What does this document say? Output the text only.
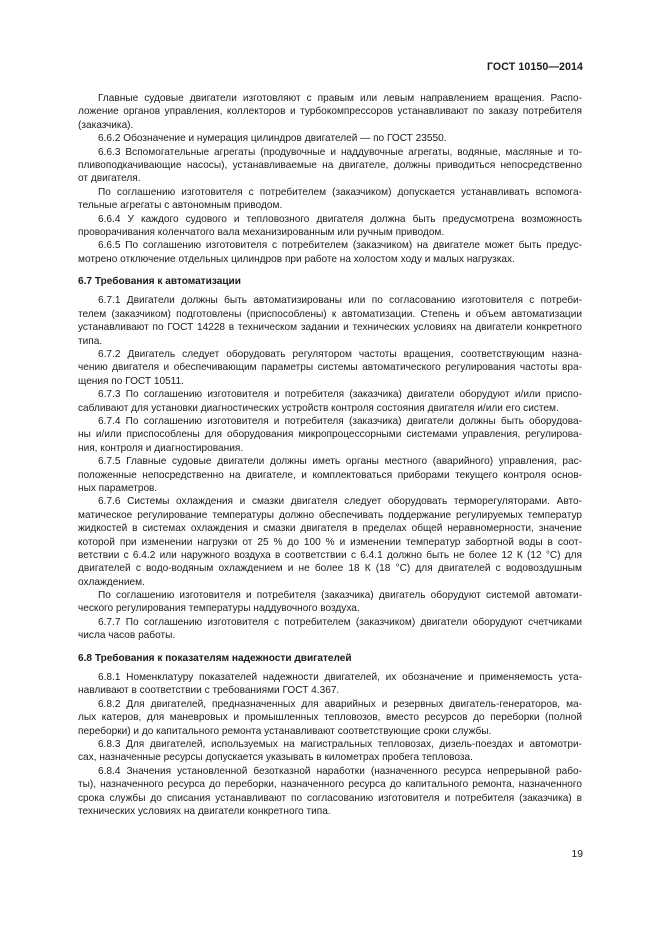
ГОСТ 10150—2014
Главные судовые двигатели изготовляют с правым или левым направлением вращения. Распо-
ложение органов управления, коллекторов и турбокомпрессоров устанавливают по заказу потребителя
(заказчика).
6.6.2 Обозначение и нумерация цилиндров двигателей — по ГОСТ 23550.
6.6.3 Вспомогательные агрегаты (продувочные и наддувочные агрегаты, водяные, масляные и то-
пливоподкачивающие насосы), устанавливаемые на двигателе, должны приводиться непосредственно
от двигателя.
По соглашению изготовителя с потребителем (заказчиком) допускается устанавливать вспомога-
тельные агрегаты с автономным приводом.
6.6.4 У каждого судового и тепловозного двигателя должна быть предусмотрена возможность
проворачивания коленчатого вала механизированным или ручным приводом.
6.6.5 По соглашению изготовителя с потребителем (заказчиком) на двигателе может быть предус-
мотрено отключение отдельных цилиндров при работе на холостом ходу и малых нагрузках.
6.7 Требования к автоматизации
6.7.1 Двигатели должны быть автоматизированы или по согласованию изготовителя с потреби-
телем (заказчиком) подготовлены (приспособлены) к автоматизации. Степень и объем автоматизации
устанавливают по ГОСТ 14228 в техническом задании и технических условиях на двигатели конкретного
типа.
6.7.2 Двигатель следует оборудовать регулятором частоты вращения, соответствующим назна-
чению двигателя и обеспечивающим параметры системы автоматического регулирования частоты вра-
щения по ГОСТ 10511.
6.7.3 По соглашению изготовителя и потребителя (заказчика) двигатели оборудуют и/или приспо-
сабливают для установки диагностических устройств контроля состояния двигателя и/или его систем.
6.7.4 По соглашению изготовителя и потребителя (заказчика) двигатели должны быть оборудова-
ны и/или приспособлены для оборудования микропроцессорными системами управления, регулирова-
ния, контроля и диагностирования.
6.7.5 Главные судовые двигатели должны иметь органы местного (аварийного) управления, рас-
положенные непосредственно на двигателе, и комплектоваться приборами текущего контроля основ-
ных параметров.
6.7.6 Системы охлаждения и смазки двигателя следует оборудовать терморегуляторами. Авто-
матическое регулирование температуры должно обеспечивать поддержание регулируемых температур
жидкостей в системах охлаждения и смазки двигателя в пределах общей неравномерности, значение
которой при изменении нагрузки от 25 % до 100 % и изменении температур забортной воды в соот-
ветствии с 6.4.2 или наружного воздуха в соответствии с 6.4.1 должно быть не более 12 К (12 °С) для
двигателей с водо-водяным охлаждением и не более 18 К (18 °С) для двигателей с водовоздушным
охлаждением.
По соглашению изготовителя и потребителя (заказчика) двигатель оборудуют системой автомати-
ческого регулирования температуры наддувочного воздуха.
6.7.7 По соглашению изготовителя с потребителем (заказчиком) двигатели оборудуют счетчиками
числа часов работы.
6.8 Требования к показателям надежности двигателей
6.8.1 Номенклатуру показателей надежности двигателей, их обозначение и применяемость уста-
навливают в соответствии с требованиями ГОСТ 4.367.
6.8.2 Для двигателей, предназначенных для аварийных и резервных двигатель-генераторов, ма-
лых катеров, для маневровых и промышленных тепловозов, вместо ресурсов до переборки (полной
переборки) и до капитального ремонта устанавливают соответствующие сроки службы.
6.8.3 Для двигателей, используемых на магистральных тепловозах, дизель-поездах и автомотри-
сах, назначенные ресурсы допускается указывать в километрах пробега тепловоза.
6.8.4 Значения установленной безотказной наработки (назначенного ресурса непрерывной рабо-
ты), назначенного ресурса до переборки, назначенного ресурса до капитального ремонта, назначенного
срока службы до списания устанавливают по согласованию изготовителя и потребителя (заказчика) в
технических условиях на двигатели конкретного типа.
19
